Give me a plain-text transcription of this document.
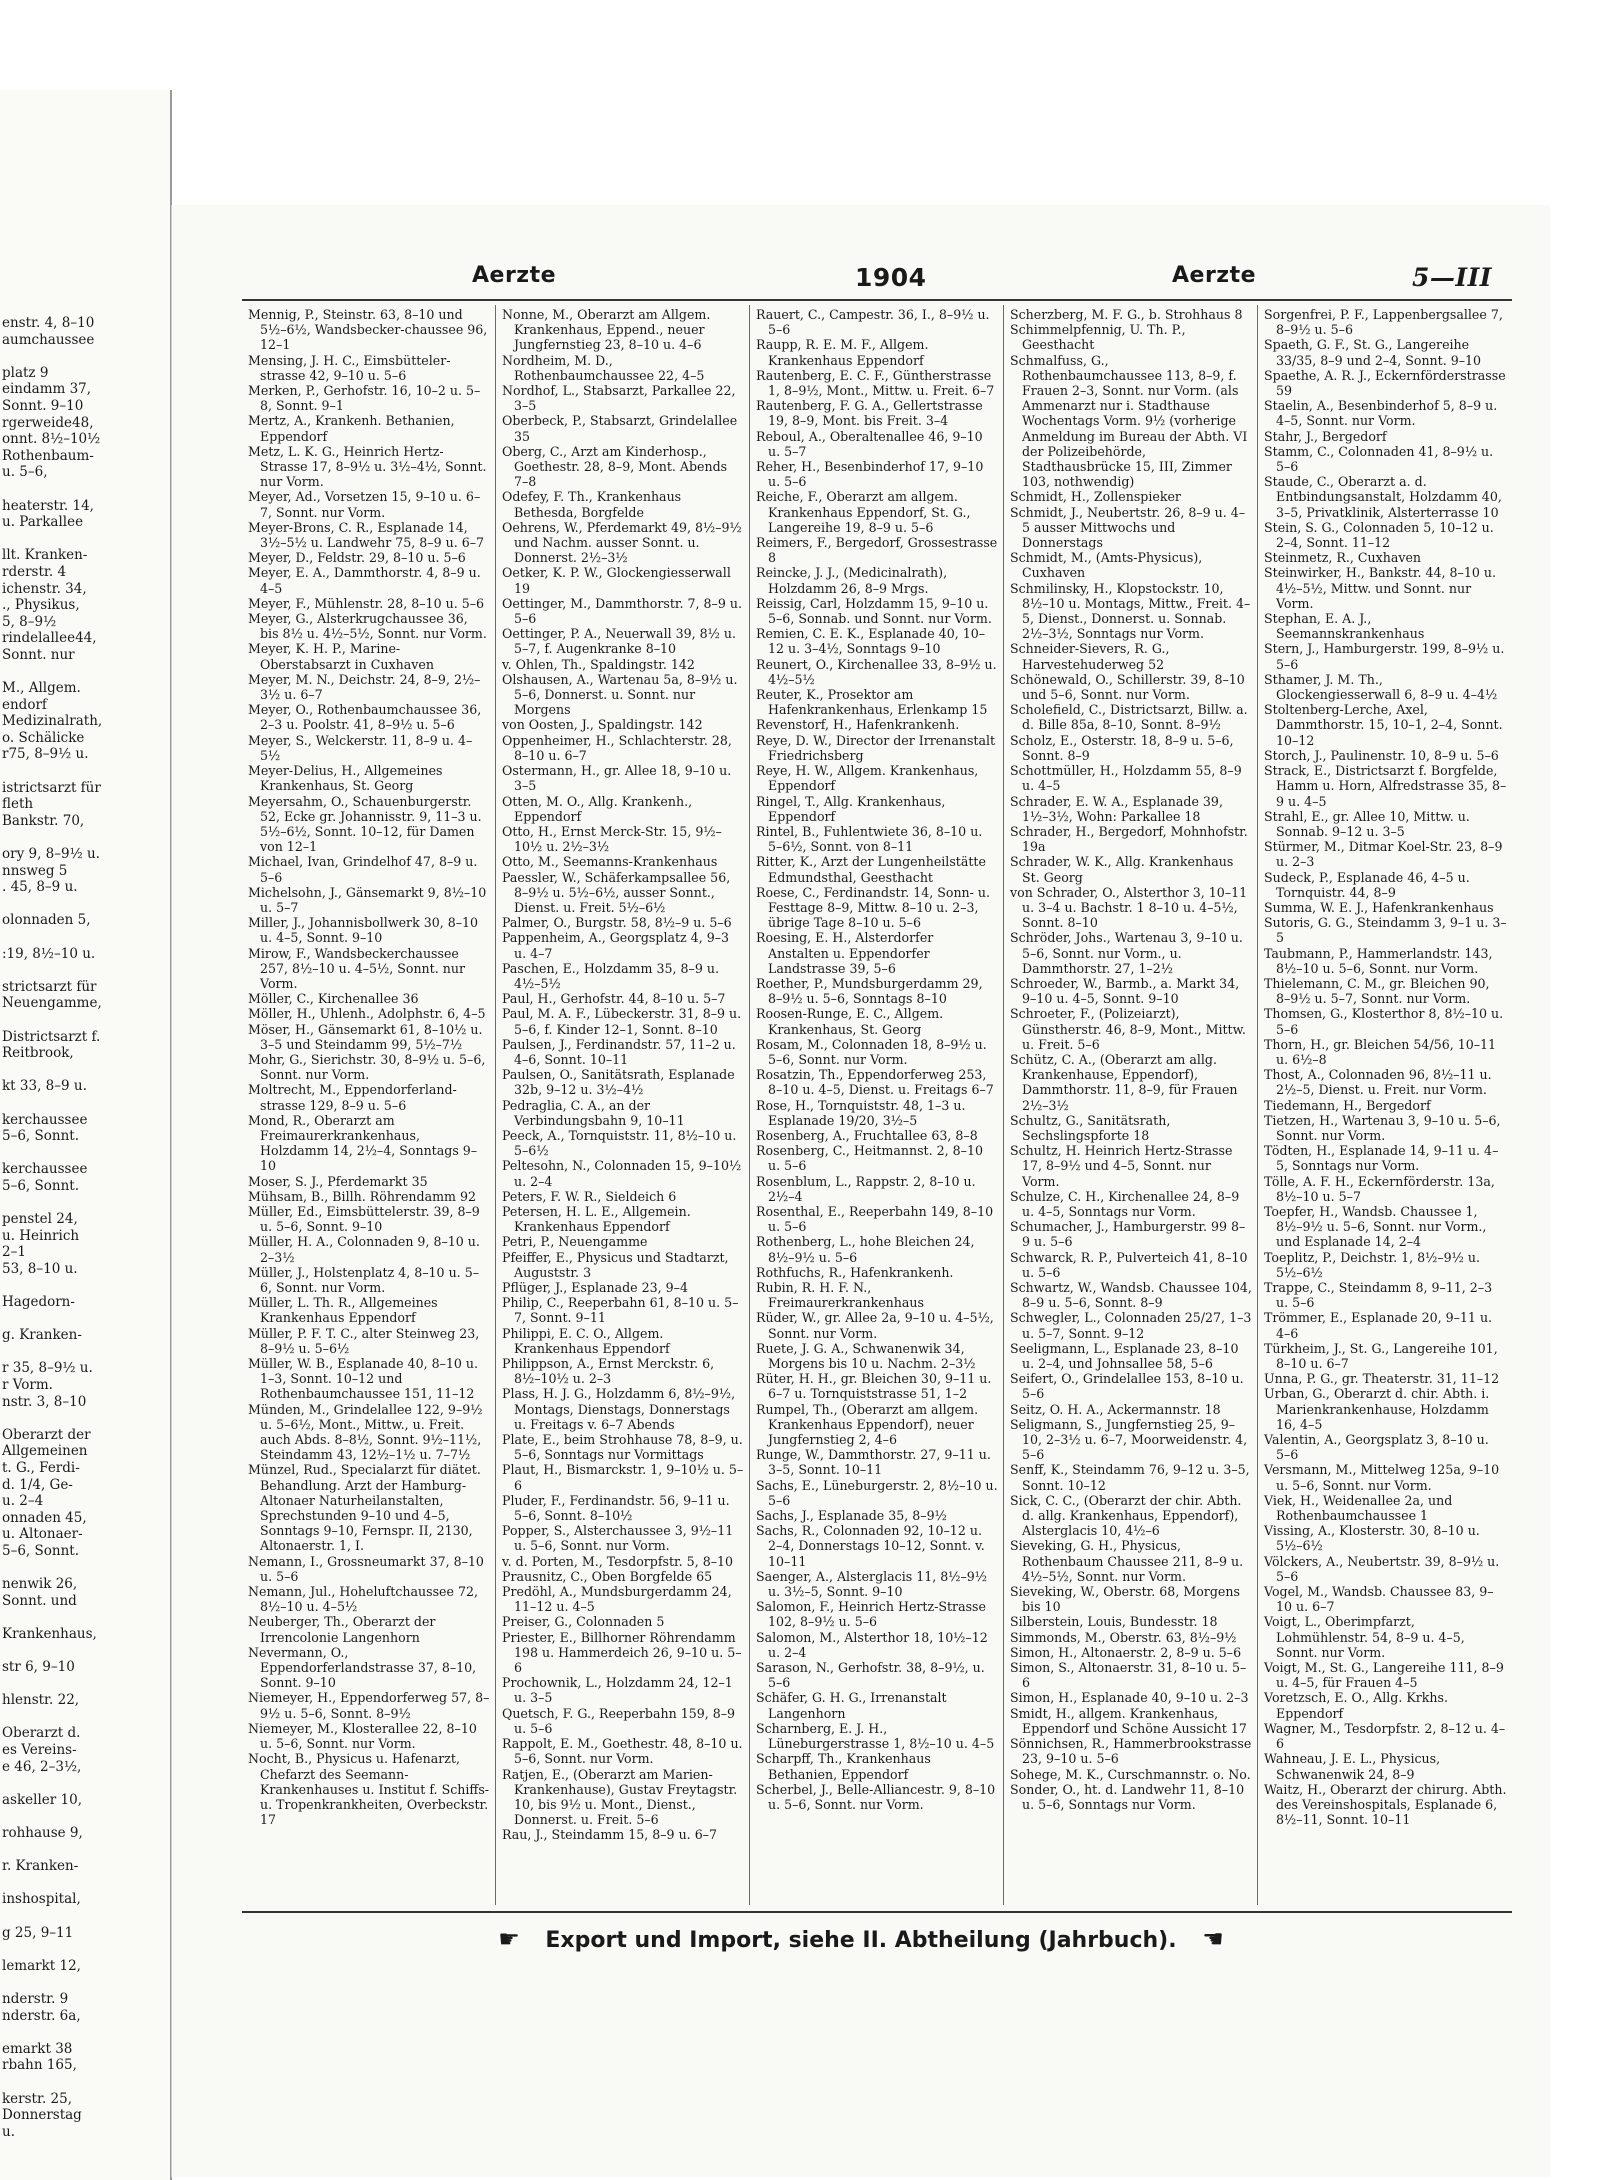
enstr. 4, 8–10
aumchaussee

platz 9
eindamm 37,
Sonnt. 9–10
rgerweide48,
onnt. 8½–10½
Rothenbaum-
u. 5–6,

heaterstr. 14,
u. Parkallee

llt. Kranken-
rderstr. 4
ichenstr. 34,
., Physikus,
5, 8–9½
rindelallee44,
Sonnt. nur

M., Allgem.
endorf
Medizinalrath,
o. Schälicke
r75, 8–9½ u.

istrictsarzt für
fleth
Bankstr. 70,

ory 9, 8–9½ u.
nnsweg 5
. 45, 8–9 u.

olonnaden 5,

:19, 8½–10 u.

strictsarzt für
Neuengamme,

Districtsarzt f.
Reitbrook,

kt 33, 8–9 u.

kerchaussee
5–6, Sonnt.

kerchaussee
5–6, Sonnt.

penstel 24,
u. Heinrich
2–1
53, 8–10 u.

Hagedorn-

g. Kranken-

r 35, 8–9½ u.
r Vorm.
nstr. 3, 8–10

Oberarzt der
Allgemeinen
t. G., Ferdi-
d. 1/4, Ge-
u. 2–4
onnaden 45,
u. Altonaer-
5–6, Sonnt.

nenwik 26,
Sonnt. und

Krankenhaus,

str 6, 9–10

hlenstr. 22,

Oberarzt d.
es Vereins-
e 46, 2–3½,

askeller 10,

rohhause 9,

r. Kranken-

inshospital,

g 25, 9–11

lemarkt 12,

nderstr. 9
nderstr. 6a,

emarkt 38
rbahn 165,

kerstr. 25,
Donnerstag
u.
Aerzte	1904	Aerzte	5—III

Mennig, P., Steinstr. 63, 8–10 und 5½–6½, Wandsbecker-chaussee 96, 12–1

Mensing, J. H. C., Eimsbütteler-strasse 42, 9–10 u. 5–6

Merken, P., Gerhofstr. 16, 10–2 u. 5–8, Sonnt. 9–1

Mertz, A., Krankenh. Bethanien, Eppendorf

Metz, L. K. G., Heinrich Hertz-Strasse 17, 8–9½ u. 3½–4½, Sonnt. nur Vorm.

Meyer, Ad., Vorsetzen 15, 9–10 u. 6–7, Sonnt. nur Vorm.

Meyer-Brons, C. R., Esplanade 14, 3½–5½ u. Landwehr 75, 8–9 u. 6–7

Meyer, D., Feldstr. 29, 8–10 u. 5–6

Meyer, E. A., Dammthorstr. 4, 8–9 u. 4–5

Meyer, F., Mühlenstr. 28, 8–10 u. 5–6

Meyer, G., Alsterkrugchaussee 36, bis 8½ u. 4½–5½, Sonnt. nur Vorm.

Meyer, K. H. P., Marine-Oberstabsarzt in Cuxhaven

Meyer, M. N., Deichstr. 24, 8–9, 2½–3½ u. 6–7

Meyer, O., Rothenbaumchaussee 36, 2–3 u. Poolstr. 41, 8–9½ u. 5–6

Meyer, S., Welckerstr. 11, 8–9 u. 4–5½

Meyer-Delius, H., Allgemeines Krankenhaus, St. Georg

Meyersahm, O., Schauenburgerstr. 52, Ecke gr. Johannisstr. 9, 11–3 u. 5½–6½, Sonnt. 10–12, für Damen von 12–1

Michael, Ivan, Grindelhof 47, 8–9 u. 5–6

Michelsohn, J., Gänsemarkt 9, 8½–10 u. 5–7

Miller, J., Johannisbollwerk 30, 8–10 u. 4–5, Sonnt. 9–10

Mirow, F., Wandsbeckerchaussee 257, 8½–10 u. 4–5½, Sonnt. nur Vorm.

Möller, C., Kirchenallee 36

Möller, H., Uhlenh., Adolphstr. 6, 4–5

Möser, H., Gänsemarkt 61, 8–10½ u. 3–5 und Steindamm 99, 5½–7½

Mohr, G., Sierichstr. 30, 8–9½ u. 5–6, Sonnt. nur Vorm.

Moltrecht, M., Eppendorferland-strasse 129, 8–9 u. 5–6

Mond, R., Oberarzt am Freimaurerkrankenhaus, Holzdamm 14, 2½–4, Sonntags 9–10

Moser, S. J., Pferdemarkt 35

Mühsam, B., Billh. Röhrendamm 92

Müller, Ed., Eimsbüttelerstr. 39, 8–9 u. 5–6, Sonnt. 9–10

Müller, H. A., Colonnaden 9, 8–10 u. 2–3½

Müller, J., Holstenplatz 4, 8–10 u. 5–6, Sonnt. nur Vorm.

Müller, L. Th. R., Allgemeines Krankenhaus Eppendorf

Müller, P. F. T. C., alter Steinweg 23, 8–9½ u. 5–6½

Müller, W. B., Esplanade 40, 8–10 u. 1–3, Sonnt. 10–12 und Rothenbaumchaussee 151, 11–12

Münden, M., Grindelallee 122, 9–9½ u. 5–6½, Mont., Mittw., u. Freit. auch Abds. 8–8½, Sonnt. 9½–11½, Steindamm 43, 12½–1½ u. 7–7½

Münzel, Rud., Specialarzt für diätet. Behandlung. Arzt der Hamburg-Altonaer Naturheilanstalten, Sprechstunden 9–10 und 4–5, Sonntags 9–10, Fernspr. II, 2130, Altonaerstr. 1, I.

Nemann, I., Grossneumarkt 37, 8–10 u. 5–6

Nemann, Jul., Hoheluftchaussee 72, 8½–10 u. 4–5½

Neuberger, Th., Oberarzt der Irrencolonie Langenhorn

Nevermann, O., Eppendorferlandstrasse 37, 8–10, Sonnt. 9–10

Niemeyer, H., Eppendorferweg 57, 8–9½ u. 5–6, Sonnt. 8–9½

Niemeyer, M., Klosterallee 22, 8–10 u. 5–6, Sonnt. nur Vorm.

Nocht, B., Physicus u. Hafenarzt, Chefarzt des Seemann-Krankenhauses u. Institut f. Schiffs- u. Tropenkrankheiten, Overbeckstr. 17

Nonne, M., Oberarzt am Allgem. Krankenhaus, Eppend., neuer Jungfernstieg 23, 8–10 u. 4–6

Nordheim, M. D., Rothenbaumchaussee 22, 4–5

Nordhof, L., Stabsarzt, Parkallee 22, 3–5

Oberbeck, P., Stabsarzt, Grindelallee 35

Oberg, C., Arzt am Kinderhosp., Goethestr. 28, 8–9, Mont. Abends 7–8

Odefey, F. Th., Krankenhaus Bethesda, Borgfelde

Oehrens, W., Pferdemarkt 49, 8½–9½ und Nachm. ausser Sonnt. u. Donnerst. 2½–3½

Oetker, K. P. W., Glockengiesserwall 19

Oettinger, M., Dammthorstr. 7, 8–9 u. 5–6

Oettinger, P. A., Neuerwall 39, 8½ u. 5–7, f. Augenkranke 8–10

v. Ohlen, Th., Spaldingstr. 142

Olshausen, A., Wartenau 5a, 8–9½ u. 5–6, Donnerst. u. Sonnt. nur Morgens

von Oosten, J., Spaldingstr. 142

Oppenheimer, H., Schlachterstr. 28, 8–10 u. 6–7

Ostermann, H., gr. Allee 18, 9–10 u. 3–5

Otten, M. O., Allg. Krankenh., Eppendorf

Otto, H., Ernst Merck-Str. 15, 9½–10½ u. 2½–3½

Otto, M., Seemanns-Krankenhaus

Paessler, W., Schäferkampsallee 56, 8–9½ u. 5½–6½, ausser Sonnt., Dienst. u. Freit. 5½–6½

Palmer, O., Burgstr. 58, 8½–9 u. 5–6

Pappenheim, A., Georgsplatz 4, 9–3 u. 4–7

Paschen, E., Holzdamm 35, 8–9 u. 4½–5½

Paul, H., Gerhofstr. 44, 8–10 u. 5–7

Paul, M. A. F., Lübeckerstr. 31, 8–9 u. 5–6, f. Kinder 12–1, Sonnt. 8–10

Paulsen, J., Ferdinandstr. 57, 11–2 u. 4–6, Sonnt. 10–11

Paulsen, O., Sanitätsrath, Esplanade 32b, 9–12 u. 3½–4½

Pedraglia, C. A., an der Verbindungsbahn 9, 10–11

Peeck, A., Tornquiststr. 11, 8½–10 u. 5–6½

Peltesohn, N., Colonnaden 15, 9–10½ u. 2–4

Peters, F. W. R., Sieldeich 6

Petersen, H. L. E., Allgemein. Krankenhaus Eppendorf

Petri, P., Neuengamme

Pfeiffer, E., Physicus und Stadtarzt, Auguststr. 3

Pflüger, J., Esplanade 23, 9–4

Philip, C., Reeperbahn 61, 8–10 u. 5–7, Sonnt. 9–11

Philippi, E. C. O., Allgem. Krankenhaus Eppendorf

Philippson, A., Ernst Merckstr. 6, 8½–10½ u. 2–3

Plass, H. J. G., Holzdamm 6, 8½–9½, Montags, Dienstags, Donnerstags u. Freitags v. 6–7 Abends

Plate, E., beim Strohhause 78, 8–9, u. 5–6, Sonntags nur Vormittags

Plaut, H., Bismarckstr. 1, 9–10½ u. 5–6

Pluder, F., Ferdinandstr. 56, 9–11 u. 5–6, Sonnt. 8–10½

Popper, S., Alsterchaussee 3, 9½–11 u. 5–6, Sonnt. nur Vorm.

v. d. Porten, M., Tesdorpfstr. 5, 8–10

Prausnitz, C., Oben Borgfelde 65

Predöhl, A., Mundsburgerdamm 24, 11–12 u. 4–5

Preiser, G., Colonnaden 5

Priester, E., Billhorner Röhrendamm 198 u. Hammerdeich 26, 9–10 u. 5–6

Prochownik, L., Holzdamm 24, 12–1 u. 3–5

Quetsch, F. G., Reeperbahn 159, 8–9 u. 5–6

Rappolt, E. M., Goethestr. 48, 8–10 u. 5–6, Sonnt. nur Vorm.

Ratjen, E., (Oberarzt am Marien-Krankenhause), Gustav Freytagstr. 10, bis 9½ u. Mont., Dienst., Donnerst. u. Freit. 5–6

Rau, J., Steindamm 15, 8–9 u. 6–7

Rauert, C., Campestr. 36, I., 8–9½ u. 5–6

Raupp, R. E. M. F., Allgem. Krankenhaus Eppendorf

Rautenberg, E. C. F., Güntherstrasse 1, 8–9½, Mont., Mittw. u. Freit. 6–7

Rautenberg, F. G. A., Gellertstrasse 19, 8–9, Mont. bis Freit. 3–4

Reboul, A., Oberaltenallee 46, 9–10 u. 5–7

Reher, H., Besenbinderhof 17, 9–10 u. 5–6

Reiche, F., Oberarzt am allgem. Krankenhaus Eppendorf, St. G., Langereihe 19, 8–9 u. 5–6

Reimers, F., Bergedorf, Grossestrasse 8

Reincke, J. J., (Medicinalrath), Holzdamm 26, 8–9 Mrgs.

Reissig, Carl, Holzdamm 15, 9–10 u. 5–6, Sonnab. und Sonnt. nur Vorm.

Remien, C. E. K., Esplanade 40, 10–12 u. 3–4½, Sonntags 9–10

Reunert, O., Kirchenallee 33, 8–9½ u. 4½–5½

Reuter, K., Prosektor am Hafenkrankenhaus, Erlenkamp 15

Revenstorf, H., Hafenkrankenh.

Reye, D. W., Director der Irrenanstalt Friedrichsberg

Reye, H. W., Allgem. Krankenhaus, Eppendorf

Ringel, T., Allg. Krankenhaus, Eppendorf

Rintel, B., Fuhlentwiete 36, 8–10 u. 5–6½, Sonnt. von 8–11

Ritter, K., Arzt der Lungenheilstätte Edmundsthal, Geesthacht

Roese, C., Ferdinandstr. 14, Sonn- u. Festtage 8–9, Mittw. 8–10 u. 2–3, übrige Tage 8–10 u. 5–6

Roesing, E. H., Alsterdorfer Anstalten u. Eppendorfer Landstrasse 39, 5–6

Roether, P., Mundsburgerdamm 29, 8–9½ u. 5–6, Sonntags 8–10

Roosen-Runge, E. C., Allgem. Krankenhaus, St. Georg

Rosam, M., Colonnaden 18, 8–9½ u. 5–6, Sonnt. nur Vorm.

Rosatzin, Th., Eppendorferweg 253, 8–10 u. 4–5, Dienst. u. Freitags 6–7

Rose, H., Tornquiststr. 48, 1–3 u. Esplanade 19/20, 3½–5

Rosenberg, A., Fruchtallee 63, 8–8

Rosenberg, C., Heitmannst. 2, 8–10 u. 5–6

Rosenblum, L., Rappstr. 2, 8–10 u. 2½–4

Rosenthal, E., Reeperbahn 149, 8–10 u. 5–6

Rothenberg, L., hohe Bleichen 24, 8½–9½ u. 5–6

Rothfuchs, R., Hafenkrankenh.

Rubin, R. H. F. N., Freimaurerkrankenhaus

Rüder, W., gr. Allee 2a, 9–10 u. 4–5½, Sonnt. nur Vorm.

Ruete, J. G. A., Schwanenwik 34, Morgens bis 10 u. Nachm. 2–3½

Rüter, H. H., gr. Bleichen 30, 9–11 u. 6–7 u. Tornquiststrasse 51, 1–2

Rumpel, Th., (Oberarzt am allgem. Krankenhaus Eppendorf), neuer Jungfernstieg 2, 4–6

Runge, W., Dammthorstr. 27, 9–11 u. 3–5, Sonnt. 10–11

Sachs, E., Lüneburgerstr. 2, 8½–10 u. 5–6

Sachs, J., Esplanade 35, 8–9½

Sachs, R., Colonnaden 92, 10–12 u. 2–4, Donnerstags 10–12, Sonnt. v. 10–11

Saenger, A., Alsterglacis 11, 8½–9½ u. 3½–5, Sonnt. 9–10

Salomon, F., Heinrich Hertz-Strasse 102, 8–9½ u. 5–6

Salomon, M., Alsterthor 18, 10½–12 u. 2–4

Sarason, N., Gerhofstr. 38, 8–9½, u. 5–6

Schäfer, G. H. G., Irrenanstalt Langenhorn

Scharnberg, E. J. H., Lüneburgerstrasse 1, 8½–10 u. 4–5

Scharpff, Th., Krankenhaus Bethanien, Eppendorf

Scherbel, J., Belle-Alliancestr. 9, 8–10 u. 5–6, Sonnt. nur Vorm.

Scherzberg, M. F. G., b. Strohhaus 8

Schimmelpfennig, U. Th. P., Geesthacht

Schmalfuss, G., Rothenbaumchaussee 113, 8–9, f. Frauen 2–3, Sonnt. nur Vorm. (als Ammenarzt nur i. Stadthause Wochentags Vorm. 9½ (vorherige Anmeldung im Bureau der Abth. VI der Polizeibehörde, Stadthausbrücke 15, III, Zimmer 103, nothwendig)

Schmidt, H., Zollenspieker

Schmidt, J., Neubertstr. 26, 8–9 u. 4–5 ausser Mittwochs und Donnerstags

Schmidt, M., (Amts-Physicus), Cuxhaven

Schmilinsky, H., Klopstockstr. 10, 8½–10 u. Montags, Mittw., Freit. 4–5, Dienst., Donnerst. u. Sonnab. 2½–3½, Sonntags nur Vorm.

Schneider-Sievers, R. G., Harvestehuderweg 52

Schönewald, O., Schillerstr. 39, 8–10 und 5–6, Sonnt. nur Vorm.

Scholefield, C., Districtsarzt, Billw. a. d. Bille 85a, 8–10, Sonnt. 8–9½

Scholz, E., Osterstr. 18, 8–9 u. 5–6, Sonnt. 8–9

Schottmüller, H., Holzdamm 55, 8–9 u. 4–5

Schrader, E. W. A., Esplanade 39, 1½–3½, Wohn: Parkallee 18

Schrader, H., Bergedorf, Mohnhofstr. 19a

Schrader, W. K., Allg. Krankenhaus St. Georg

von Schrader, O., Alsterthor 3, 10–11 u. 3–4 u. Bachstr. 1 8–10 u. 4–5½, Sonnt. 8–10

Schröder, Johs., Wartenau 3, 9–10 u. 5–6, Sonnt. nur Vorm., u. Dammthorstr. 27, 1–2½

Schroeder, W., Barmb., a. Markt 34, 9–10 u. 4–5, Sonnt. 9–10

Schroeter, F., (Polizeiarzt), Günstherstr. 46, 8–9, Mont., Mittw. u. Freit. 5–6

Schütz, C. A., (Oberarzt am allg. Krankenhause, Eppendorf), Dammthorstr. 11, 8–9, für Frauen 2½–3½

Schultz, G., Sanitätsrath, Sechslingspforte 18

Schultz, H. Heinrich Hertz-Strasse 17, 8–9½ und 4–5, Sonnt. nur Vorm.

Schulze, C. H., Kirchenallee 24, 8–9 u. 4–5, Sonntags nur Vorm.

Schumacher, J., Hamburgerstr. 99 8–9 u. 5–6

Schwarck, R. P., Pulverteich 41, 8–10 u. 5–6

Schwartz, W., Wandsb. Chaussee 104, 8–9 u. 5–6, Sonnt. 8–9

Schwegler, L., Colonnaden 25/27, 1–3 u. 5–7, Sonnt. 9–12

Seeligmann, L., Esplanade 23, 8–10 u. 2–4, und Johnsallee 58, 5–6

Seifert, O., Grindelallee 153, 8–10 u. 5–6

Seitz, O. H. A., Ackermannstr. 18

Seligmann, S., Jungfernstieg 25, 9–10, 2–3½ u. 6–7, Moorweidenstr. 4, 5–6

Senff, K., Steindamm 76, 9–12 u. 3–5, Sonnt. 10–12

Sick, C. C., (Oberarzt der chir. Abth. d. allg. Krankenhaus, Eppendorf), Alsterglacis 10, 4½–6

Sieveking, G. H., Physicus, Rothenbaum Chaussee 211, 8–9 u. 4½–5½, Sonnt. nur Vorm.

Sieveking, W., Oberstr. 68, Morgens bis 10

Silberstein, Louis, Bundesstr. 18

Simmonds, M., Oberstr. 63, 8½–9½

Simon, H., Altonaerstr. 2, 8–9 u. 5–6

Simon, S., Altonaerstr. 31, 8–10 u. 5–6

Simon, H., Esplanade 40, 9–10 u. 2–3

Smidt, H., allgem. Krankenhaus, Eppendorf und Schöne Aussicht 17

Sönnichsen, R., Hammerbrookstrasse 23, 9–10 u. 5–6

Sohege, M. K., Curschmannstr. o. No.

Sonder, O., ht. d. Landwehr 11, 8–10 u. 5–6, Sonntags nur Vorm.

Sorgenfrei, P. F., Lappenbergsallee 7, 8–9½ u. 5–6

Spaeth, G. F., St. G., Langereihe 33/35, 8–9 und 2–4, Sonnt. 9–10

Spaethe, A. R. J., Eckernförderstrasse 59

Staelin, A., Besenbinderhof 5, 8–9 u. 4–5, Sonnt. nur Vorm.

Stahr, J., Bergedorf

Stamm, C., Colonnaden 41, 8–9½ u. 5–6

Staude, C., Oberarzt a. d. Entbindungsanstalt, Holzdamm 40, 3–5, Privatklinik, Alsterterrasse 10

Stein, S. G., Colonnaden 5, 10–12 u. 2–4, Sonnt. 11–12

Steinmetz, R., Cuxhaven

Steinwirker, H., Bankstr. 44, 8–10 u. 4½–5½, Mittw. und Sonnt. nur Vorm.

Stephan, E. A. J., Seemannskrankenhaus

Stern, J., Hamburgerstr. 199, 8–9½ u. 5–6

Sthamer, J. M. Th., Glockengiesserwall 6, 8–9 u. 4–4½

Stoltenberg-Lerche, Axel, Dammthorstr. 15, 10–1, 2–4, Sonnt. 10–12

Storch, J., Paulinenstr. 10, 8–9 u. 5–6

Strack, E., Districtsarzt f. Borgfelde, Hamm u. Horn, Alfredstrasse 35, 8–9 u. 4–5

Strahl, E., gr. Allee 10, Mittw. u. Sonnab. 9–12 u. 3–5

Stürmer, M., Ditmar Koel-Str. 23, 8–9 u. 2–3

Sudeck, P., Esplanade 46, 4–5 u. Tornquistr. 44, 8–9

Summa, W. E. J., Hafenkrankenhaus

Sutoris, G. G., Steindamm 3, 9–1 u. 3–5

Taubmann, P., Hammerlandstr. 143, 8½–10 u. 5–6, Sonnt. nur Vorm.

Thielemann, C. M., gr. Bleichen 90, 8–9½ u. 5–7, Sonnt. nur Vorm.

Thomsen, G., Klosterthor 8, 8½–10 u. 5–6

Thorn, H., gr. Bleichen 54/56, 10–11 u. 6½–8

Thost, A., Colonnaden 96, 8½–11 u. 2½–5, Dienst. u. Freit. nur Vorm.

Tiedemann, H., Bergedorf

Tietzen, H., Wartenau 3, 9–10 u. 5–6, Sonnt. nur Vorm.

Tödten, H., Esplanade 14, 9–11 u. 4–5, Sonntags nur Vorm.

Tölle, A. F. H., Eckernförderstr. 13a, 8½–10 u. 5–7

Toepfer, H., Wandsb. Chaussee 1, 8½–9½ u. 5–6, Sonnt. nur Vorm., und Esplanade 14, 2–4

Toeplitz, P., Deichstr. 1, 8½–9½ u. 5½–6½

Trappe, C., Steindamm 8, 9–11, 2–3 u. 5–6

Trömmer, E., Esplanade 20, 9–11 u. 4–6

Türkheim, J., St. G., Langereihe 101, 8–10 u. 6–7

Unna, P. G., gr. Theaterstr. 31, 11–12

Urban, G., Oberarzt d. chir. Abth. i. Marienkrankenhause, Holzdamm 16, 4–5

Valentin, A., Georgsplatz 3, 8–10 u. 5–6

Versmann, M., Mittelweg 125a, 9–10 u. 5–6, Sonnt. nur Vorm.

Viek, H., Weidenallee 2a, und Rothenbaumchaussee 1

Vissing, A., Klosterstr. 30, 8–10 u. 5½–6½

Völckers, A., Neubertstr. 39, 8–9½ u. 5–6

Vogel, M., Wandsb. Chaussee 83, 9–10 u. 6–7

Voigt, L., Oberimpfarzt, Lohmühlenstr. 54, 8–9 u. 4–5, Sonnt. nur Vorm.

Voigt, M., St. G., Langereihe 111, 8–9 u. 4–5, für Frauen 4–5

Voretzsch, E. O., Allg. Krkhs. Eppendorf

Wagner, M., Tesdorpfstr. 2, 8–12 u. 4–6

Wahneau, J. E. L., Physicus, Schwanenwik 24, 8–9

Waitz, H., Oberarzt der chirurg. Abth. des Vereinshospitals, Esplanade 6, 8½–11, Sonnt. 10–11

☛ Export und Import, siehe II. Abtheilung (Jahrbuch). ☚
